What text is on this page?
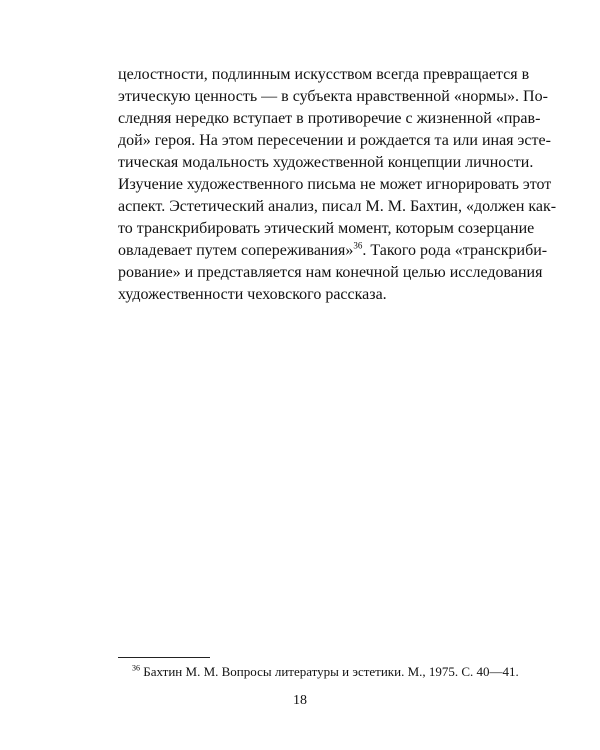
целостности, подлинным искусством всегда превращается в
этическую ценность — в субъекта нравственной «нормы». По-
следняя нередко вступает в противоречие с жизненной «прав-
дой» героя. На этом пересечении и рождается та или иная эсте-
тическая модальность художественной концепции личности.
Изучение художественного письма не может игнорировать этот
аспект. Эстетический анализ, писал М. М. Бахтин, «должен как-
то транскрибировать этический момент, которым созерцание
овладевает путем сопереживания»$^{36}$. Такого рода «транскриби-
рование» и представляется нам конечной целью исследования
художественности чеховского рассказа.
$^{36}$ Бахтин М. М. Вопросы литературы и эстетики. М., 1975. С. 40—41.
18
